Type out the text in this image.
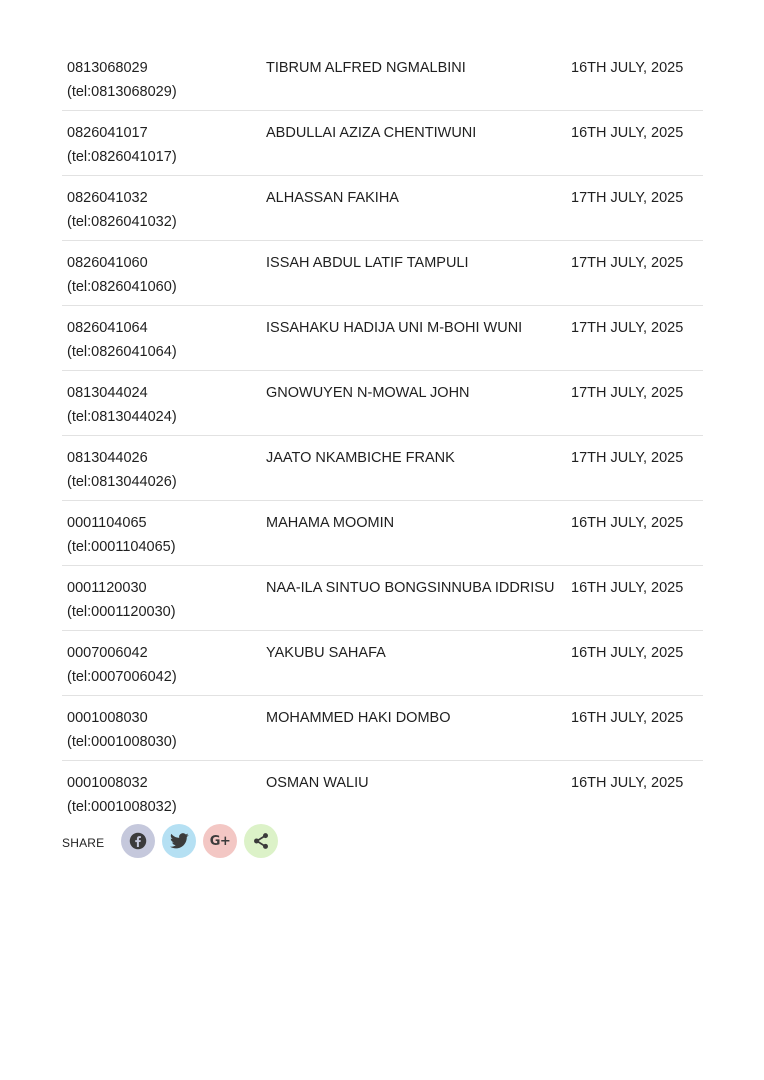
0813068029
(tel:0813068029)	TIBRUM ALFRED NGMALBINI	16TH JULY, 2025
0826041017
(tel:0826041017)	ABDULLAI AZIZA CHENTIWUNI	16TH JULY, 2025
0826041032
(tel:0826041032)	ALHASSAN FAKIHA	17TH JULY, 2025
0826041060
(tel:0826041060)	ISSAH ABDUL LATIF TAMPULI	17TH JULY, 2025
0826041064
(tel:0826041064)	ISSAHAKU HADIJA UNI M-BOHI WUNI	17TH JULY, 2025
0813044024
(tel:0813044024)	GNOWUYEN N-MOWAL JOHN	17TH JULY, 2025
0813044026
(tel:0813044026)	JAATO NKAMBICHE FRANK	17TH JULY, 2025
0001104065
(tel:0001104065)	MAHAMA MOOMIN	16TH JULY, 2025
0001120030
(tel:0001120030)	NAA-ILA SINTUO BONGSINNUBA IDDRISU	16TH JULY, 2025
0007006042
(tel:0007006042)	YAKUBU SAHAFA	16TH JULY, 2025
0001008030
(tel:0001008030)	MOHAMMED HAKI DOMBO	16TH JULY, 2025
0001008032
(tel:0001008032)	OSMAN WALIU	16TH JULY, 2025
SHARE	G+
